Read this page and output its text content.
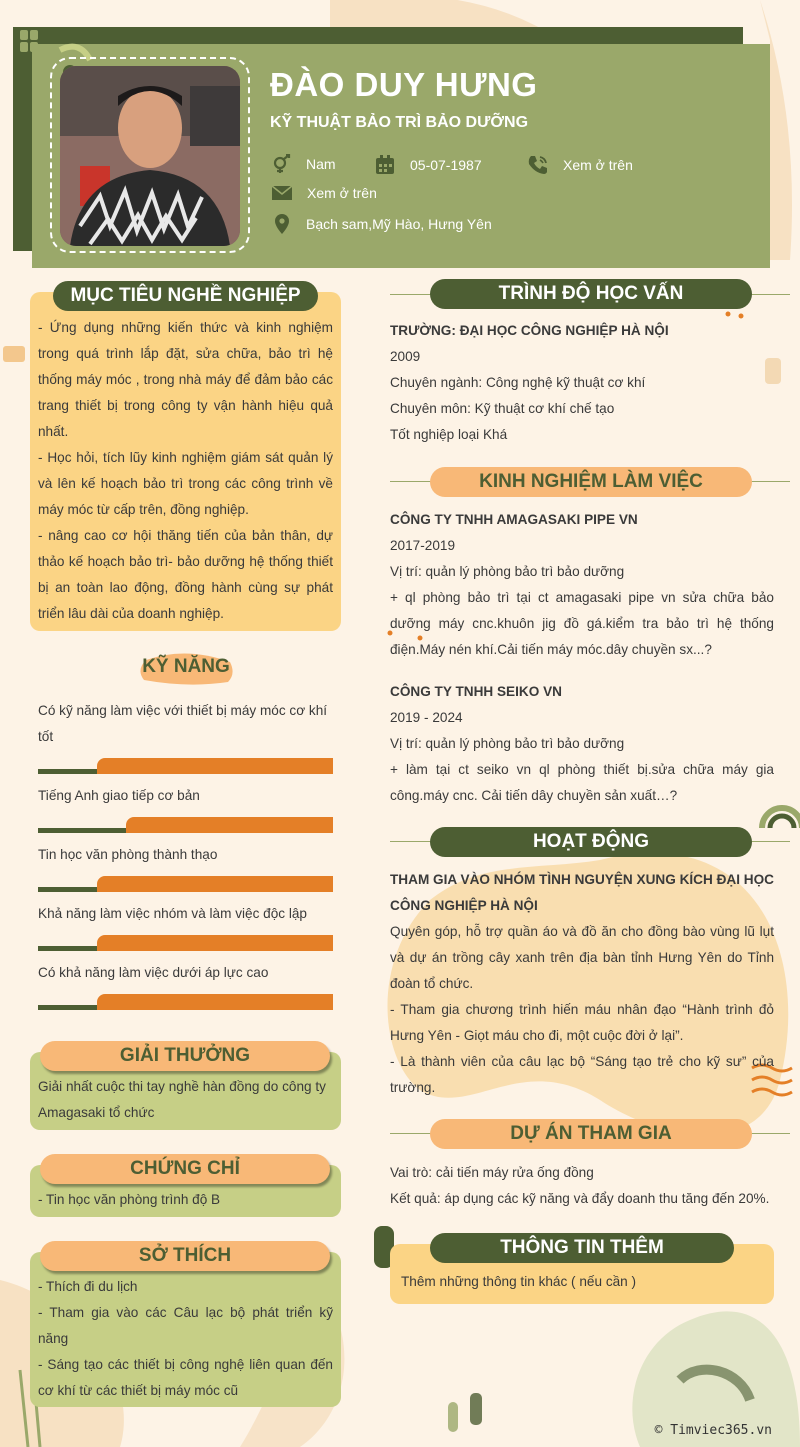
ĐÀO DUY HƯNG
KỸ THUẬT BẢO TRÌ BẢO DƯỠNG
Nam	05-07-1987	Xem ở trên
Xem ở trên
Bạch sam,Mỹ Hào, Hưng Yên
MỤC TIÊU NGHỀ NGHIỆP
- Ứng dụng những kiến thức và kinh nghiệm trong quá trình lắp đặt, sửa chữa, bảo trì hệ thống máy móc , trong nhà máy để đảm bảo các trang thiết bị trong công ty vận hành hiệu quả nhất.
- Học hỏi, tích lũy kinh nghiệm giám sát quản lý và lên kế hoạch bảo trì trong các công trình về máy móc từ cấp trên, đồng nghiệp.
- nâng cao cơ hội thăng tiến của bản thân, dự thảo kế hoạch bảo trì- bảo dưỡng hệ thống thiết bị an toàn lao động, đồng hành cùng sự phát triển lâu dài của doanh nghiệp.
KỸ NĂNG
Có kỹ năng làm việc với thiết bị máy móc cơ khí tốt
Tiếng Anh giao tiếp cơ bản
Tin học văn phòng thành thạo
Khả năng làm việc nhóm và làm việc độc lập
Có khả năng làm việc dưới áp lực cao
GIẢI THƯỞNG
Giải nhất cuộc thi tay nghề hàn đồng do công ty Amagasaki tổ chức
CHỨNG CHỈ
- Tin học văn phòng trình độ B
SỞ THÍCH
- Thích đi du lịch
- Tham gia vào các Câu lạc bộ phát triển kỹ năng
- Sáng tạo các thiết bị công nghệ liên quan đến cơ khí từ các thiết bị máy móc cũ
TRÌNH ĐỘ HỌC VẤN
TRƯỜNG: ĐẠI HỌC CÔNG NGHIỆP HÀ NỘI
2009
Chuyên ngành: Công nghệ kỹ thuật cơ khí
Chuyên môn: Kỹ thuật cơ khí chế tạo
Tốt nghiệp loại Khá
KINH NGHIỆM LÀM VIỆC
CÔNG TY TNHH AMAGASAKI PIPE VN
2017-2019
Vị trí: quản lý phòng bảo trì bảo dưỡng
+ ql phòng bảo trì tại ct amagasaki pipe vn sửa chữa bảo dưỡng máy cnc.khuôn jig đồ gá.kiểm tra bảo trì hệ thống điện.Máy nén khí.Cải tiến máy móc.dây chuyền sx...?
CÔNG TY TNHH SEIKO VN
2019 - 2024
Vị trí: quản lý phòng bảo trì bảo dưỡng
+ làm tại ct seiko vn ql phòng thiết bị.sửa chữa máy gia công.máy cnc. Cải tiến dây chuyền sản xuất…?
HOẠT ĐỘNG
THAM GIA VÀO NHÓM TÌNH NGUYỆN XUNG KÍCH ĐẠI HỌC CÔNG NGHIỆP HÀ NỘI
Quyên góp, hỗ trợ quần áo và đồ ăn cho đồng bào vùng lũ lụt và dự án trồng cây xanh trên địa bàn tỉnh Hưng Yên do Tỉnh đoàn tổ chức.
- Tham gia chương trình hiến máu nhân đạo “Hành trình đỏ Hưng Yên - Giọt máu cho đi, một cuộc đời ở lại”.
- Là thành viên của câu lạc bộ “Sáng tạo trẻ cho kỹ sư” của trường.
DỰ ÁN THAM GIA
Vai trò: cải tiến máy rửa ống đồng
Kết quả: áp dụng các kỹ năng và đẩy doanh thu tăng đến 20%.
THÔNG TIN THÊM
Thêm những thông tin khác ( nếu cần )
© Timviec365.vn
